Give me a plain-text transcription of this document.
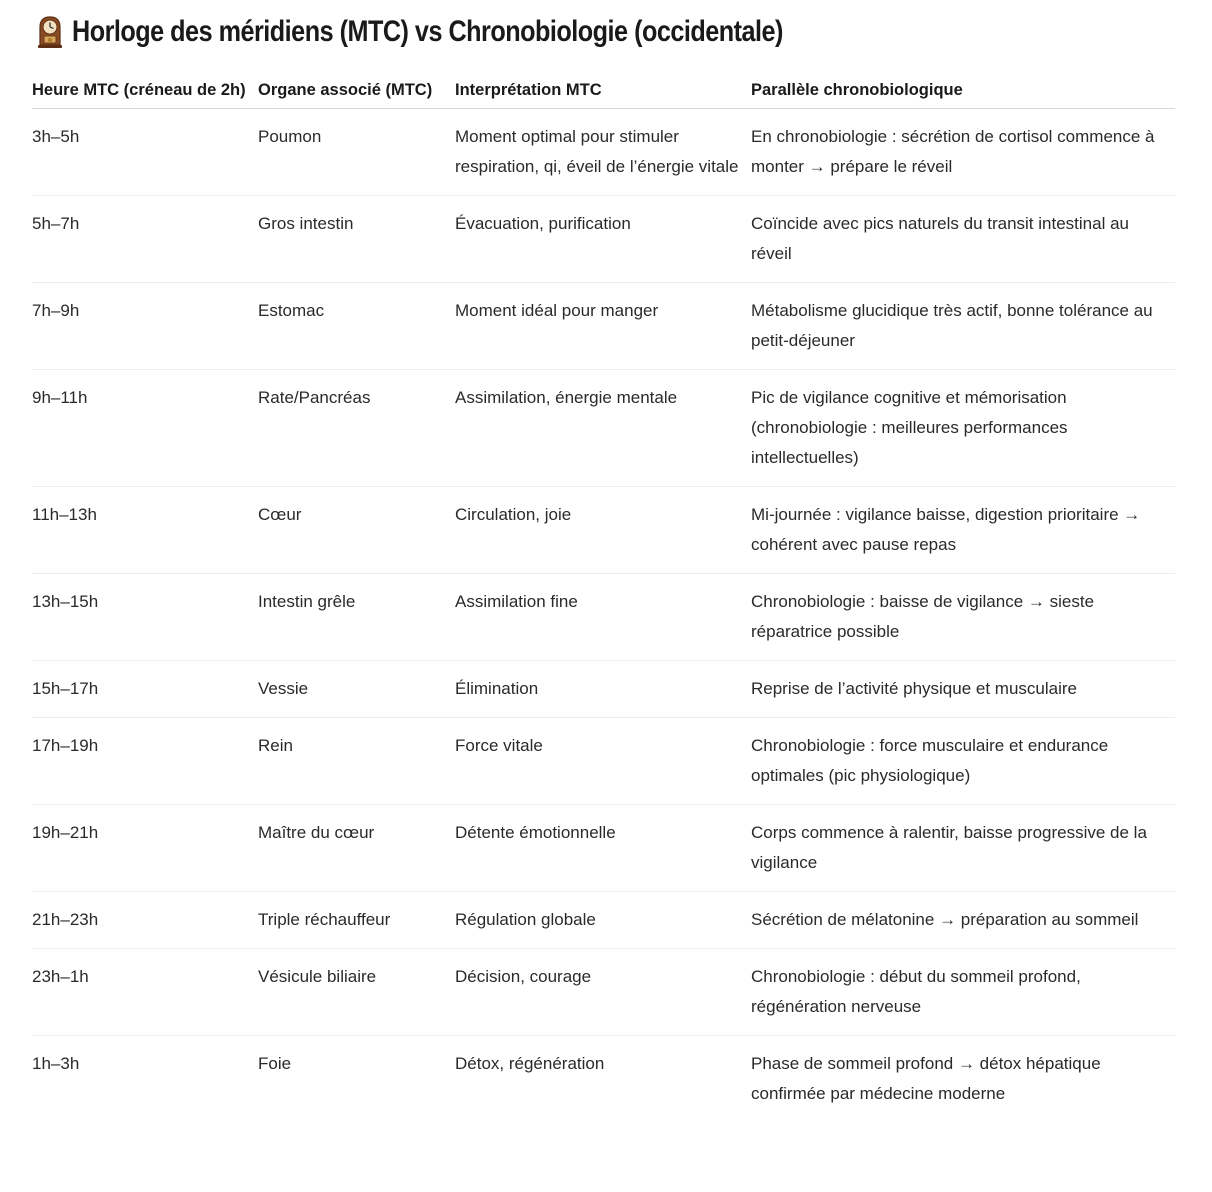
Horloge des méridiens (MTC) vs Chronobiologie (occidentale)
Heure MTC (créneau de 2h)	Organe associé (MTC)	Interprétation MTC	Parallèle chronobiologique
3h–5h	Poumon	Moment optimal pour stimuler respiration, qi, éveil de l’énergie vitale	En chronobiologie : sécrétion de cortisol commence à monter → prépare le réveil
5h–7h	Gros intestin	Évacuation, purification	Coïncide avec pics naturels du transit intestinal au réveil
7h–9h	Estomac	Moment idéal pour manger	Métabolisme glucidique très actif, bonne tolérance au petit-déjeuner
9h–11h	Rate/Pancréas	Assimilation, énergie mentale	Pic de vigilance cognitive et mémorisation (chronobiologie : meilleures performances intellectuelles)
11h–13h	Cœur	Circulation, joie	Mi-journée : vigilance baisse, digestion prioritaire → cohérent avec pause repas
13h–15h	Intestin grêle	Assimilation fine	Chronobiologie : baisse de vigilance → sieste réparatrice possible
15h–17h	Vessie	Élimination	Reprise de l’activité physique et musculaire
17h–19h	Rein	Force vitale	Chronobiologie : force musculaire et endurance optimales (pic physiologique)
19h–21h	Maître du cœur	Détente émotionnelle	Corps commence à ralentir, baisse progressive de la vigilance
21h–23h	Triple réchauffeur	Régulation globale	Sécrétion de mélatonine → préparation au sommeil
23h–1h	Vésicule biliaire	Décision, courage	Chronobiologie : début du sommeil profond, régénération nerveuse
1h–3h	Foie	Détox, régénération	Phase de sommeil profond → détox hépatique confirmée par médecine moderne
